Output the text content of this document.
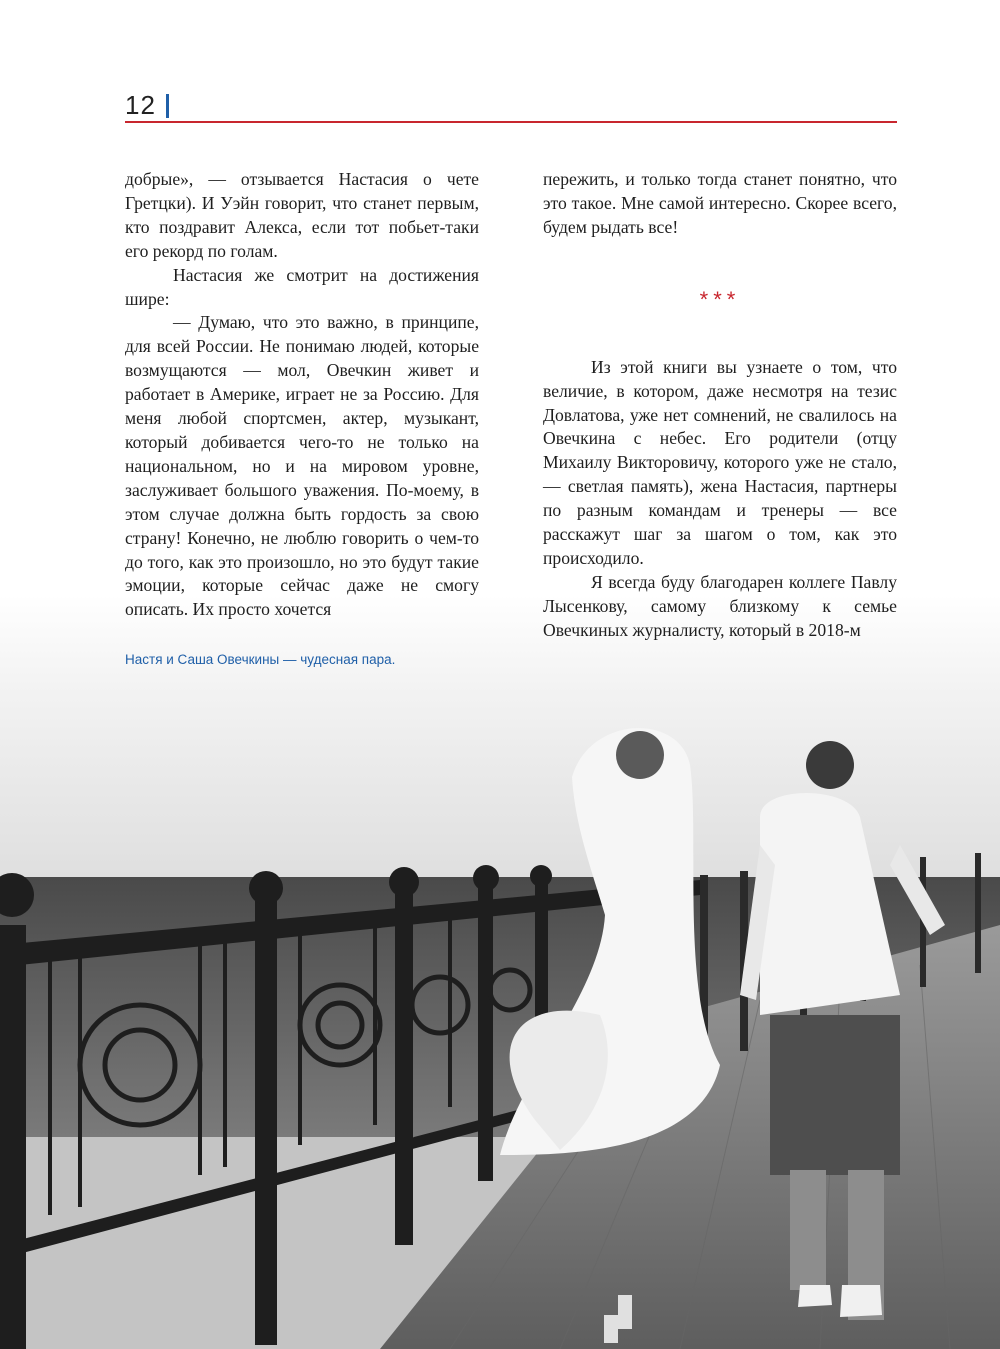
12

добрые», — отзывается Настасия о чете Гретцки). И Уэйн говорит, что станет первым, кто поздравит Алекса, если тот побьет-таки его рекорд по голам.

Настасия же смотрит на достижения шире:

— Думаю, что это важно, в принципе, для всей России. Не понимаю людей, которые возмущаются — мол, Овечкин живет и работает в Америке, играет не за Россию. Для меня любой спортсмен, актер, музыкант, который добивается чего-то не только на национальном, но и на мировом уровне, заслуживает большого уважения. По-моему, в этом случае должна быть гордость за свою страну! Конечно, не люблю говорить о чем-то до того, как это произошло, но это будут такие эмоции, которые сейчас даже не смогу описать. Их просто хочется

пережить, и только тогда станет понятно, что это такое. Мне самой интересно. Скорее всего, будем рыдать все!

***

Из этой книги вы узнаете о том, что величие, в котором, даже несмотря на тезис Довлатова, уже нет сомнений, не свалилось на Овечкина с небес. Его родители (отцу Михаилу Викторовичу, которого уже не стало, — светлая память), жена Настасия, партнеры по разным командам и тренеры — все расскажут шаг за шагом о том, как это происходило.

Я всегда буду благодарен коллеге Павлу Лысенкову, самому близкому к семье Овечкиных журналисту, который в 2018-м

Настя и Саша Овечкины — чудесная пара.
